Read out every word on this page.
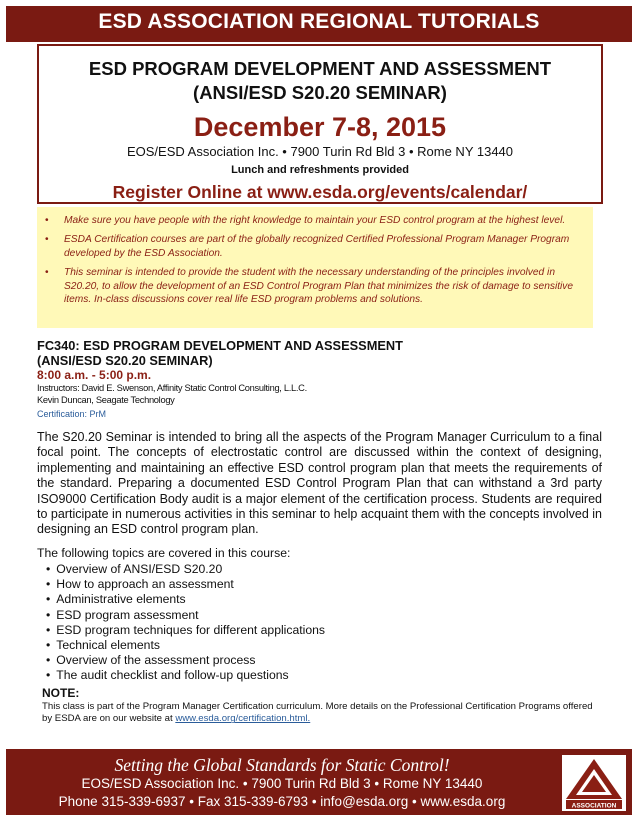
ESD ASSOCIATION REGIONAL TUTORIALS
ESD PROGRAM DEVELOPMENT AND ASSESSMENT
(ANSI/ESD S20.20 SEMINAR)
December 7-8, 2015
EOS/ESD Association Inc. • 7900 Turin Rd Bld 3 • Rome NY 13440
Lunch and refreshments provided
Register Online at www.esda.org/events/calendar/
• Make sure you have people with the right knowledge to maintain your ESD control program at the highest level.
• ESDA Certification courses are part of the globally recognized Certified Professional Program Manager Program developed by the ESD Association.
• This seminar is intended to provide the student with the necessary understanding of the principles involved in S20.20, to allow the development of an ESD Control Program Plan that minimizes the risk of damage to sensitive items. In-class discussions cover real life ESD program problems and solutions.
FC340: ESD PROGRAM DEVELOPMENT AND ASSESSMENT
(ANSI/ESD S20.20 SEMINAR)
8:00 a.m. - 5:00 p.m.
Instructors: David E. Swenson, Affinity Static Control Consulting, L.L.C.
Kevin Duncan, Seagate Technology
Certification: PrM
The S20.20 Seminar is intended to bring all the aspects of the Program Manager Curriculum to a final focal point. The concepts of electrostatic control are discussed within the context of designing, implementing and maintaining an effective ESD control program plan that meets the requirements of the standard. Preparing a documented ESD Control Program Plan that can withstand a 3rd party ISO9000 Certification Body audit is a major element of the certification process. Students are required to participate in numerous activities in this seminar to help acquaint them with the concepts involved in designing an ESD control program plan.
The following topics are covered in this course:
• Overview of ANSI/ESD S20.20
• How to approach an assessment
• Administrative elements
• ESD program assessment
• ESD program techniques for different applications
• Technical elements
• Overview of the assessment process
• The audit checklist and follow-up questions
NOTE:
This class is part of the Program Manager Certification curriculum. More details on the Professional Certification Programs offered by ESDA are on our website at www.esda.org/certification.html.
Setting the Global Standards for Static Control!
EOS/ESD Association Inc. • 7900 Turin Rd Bld 3 • Rome NY 13440
Phone 315-339-6937 • Fax 315-339-6793 • info@esda.org • www.esda.org	ASSOCIATION
